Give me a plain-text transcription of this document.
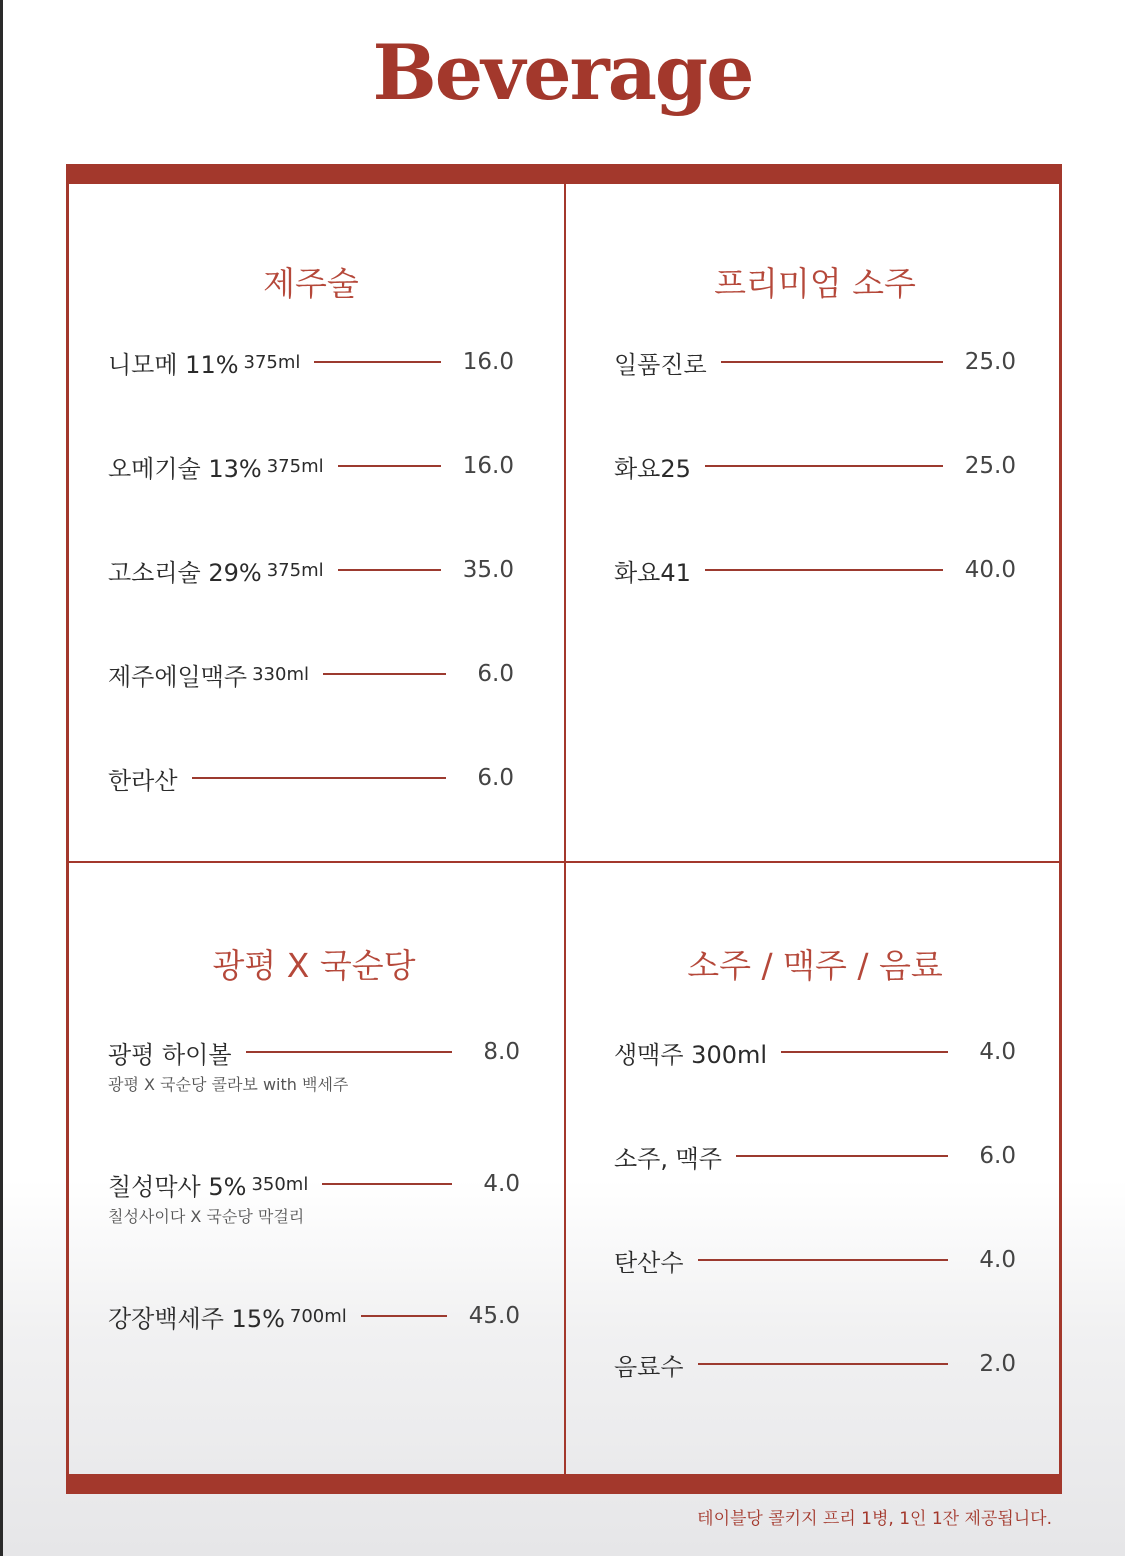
Beverage
제주술
니모메 11% 375ml	16.0
오메기술 13% 375ml	16.0
고소리술 29% 375ml	35.0
제주에일맥주 330ml	6.0
한라산	6.0
프리미엄 소주
일품진로	25.0
화요25	25.0
화요41	40.0
광평 X 국순당
광평 하이볼	8.0
광평 X 국순당 콜라보 with 백세주
칠성막사 5% 350ml	4.0
칠성사이다 X 국순당 막걸리
강장백세주 15% 700ml	45.0
소주 / 맥주 / 음료
생맥주 300ml	4.0
소주, 맥주	6.0
탄산수	4.0
음료수	2.0
테이블당 콜키지 프리 1병, 1인 1잔 제공됩니다.
